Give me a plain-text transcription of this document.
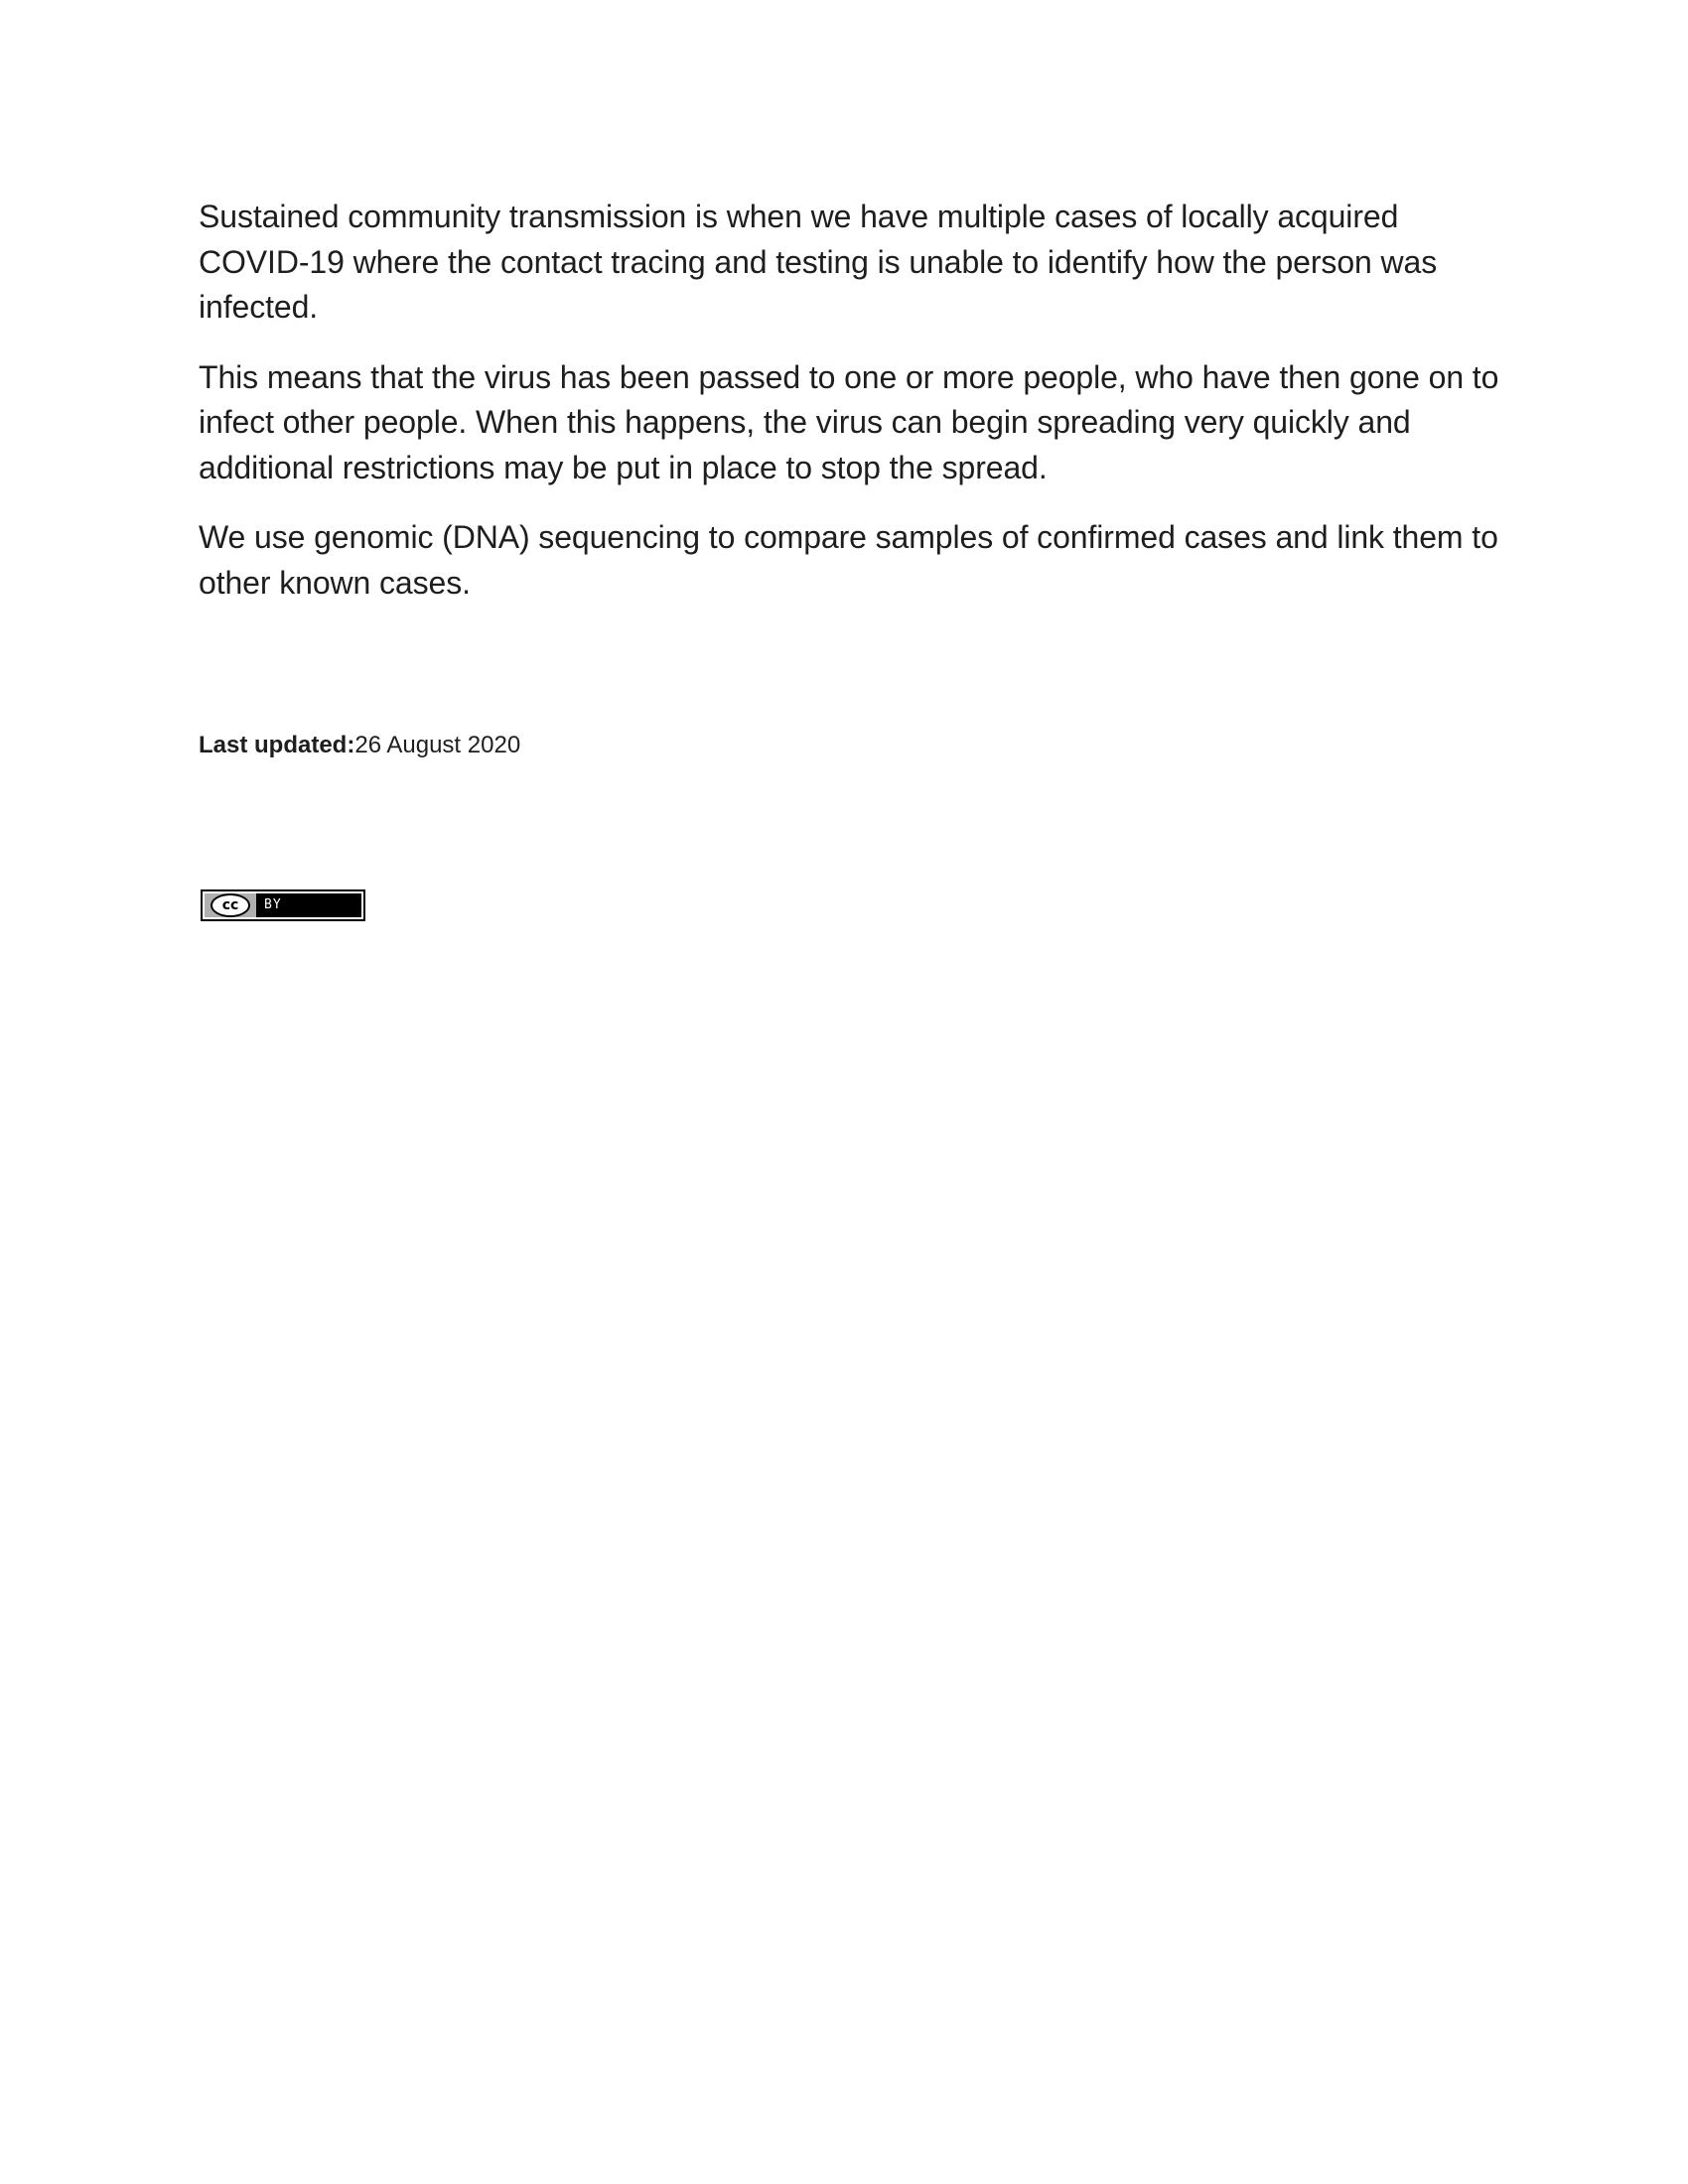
Sustained community transmission is when we have multiple cases of locally acquired COVID-19 where the contact tracing and testing is unable to identify how the person was infected.

This means that the virus has been passed to one or more people, who have then gone on to infect other people. When this happens, the virus can begin spreading very quickly and additional restrictions may be put in place to stop the spread.

We use genomic (DNA) sequencing to compare samples of confirmed cases and link them to other known cases.

Last updated:26 August 2020
cc	BY
